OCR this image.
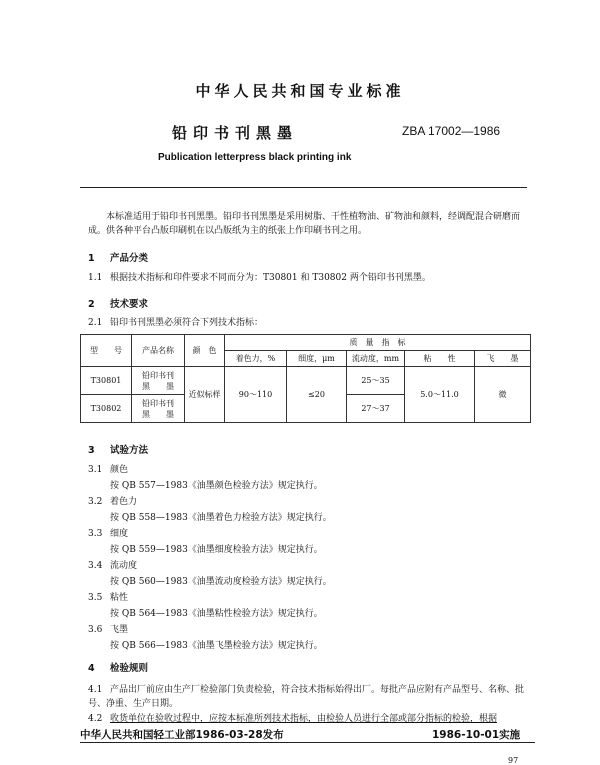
中华人民共和国专业标准
铅印书刊黑墨	ZBA 17002—1986
Publication letterpress black printing ink
本标准适用于铅印书刊黑墨。铅印书刊黑墨是采用树脂、干性植物油、矿物油和颜料，经调配混合研磨而成。供各种平台凸版印刷机在以凸版纸为主的纸张上作印刷书刊之用。
1 产品分类
1.1 根据技术指标和印件要求不同而分为：T30801 和 T30802 两个铅印书刊黑墨。
2 技术要求
2.1 铅印书刊黑墨必须符合下列技术指标：
型　　号	产品名称	颜　色	质　量　指　标				
			着色力，%	细度，μm	流动度，mm	粘　　性	飞　　墨
T30801	铅印书刊
黑　　墨	近似标样	90～110	≤20	25～35	5.0～11.0	微
T30802	铅印书刊
黑　　墨				27～37		
3 试验方法
3.1 颜色
按 QB 557—1983《油墨颜色检验方法》规定执行。
3.2 着色力
按 QB 558—1983《油墨着色力检验方法》规定执行。
3.3 细度
按 QB 559—1983《油墨细度检验方法》规定执行。
3.4 流动度
按 QB 560—1983《油墨流动度检验方法》规定执行。
3.5 粘性
按 QB 564—1983《油墨粘性检验方法》规定执行。
3.6 飞墨
按 QB 566—1983《油墨飞墨检验方法》规定执行。
4 检验规则
4.1 产品出厂前应由生产厂检验部门负责检验，符合技术指标始得出厂。每批产品应附有产品型号、名称、批号、净重、生产日期。
4.2 收货单位在验收过程中，应按本标准所列技术指标，由检验人员进行全部或部分指标的检验，根据
中华人民共和国轻工业部1986-03-28发布	1986-10-01实施
97
